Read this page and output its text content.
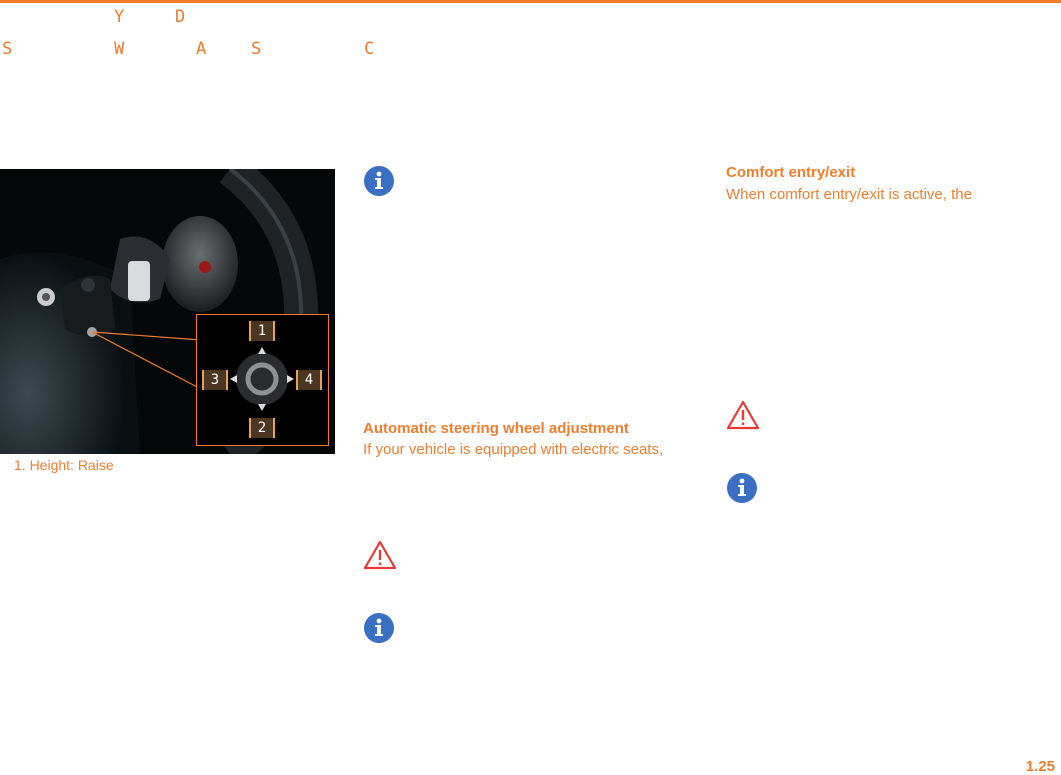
Y	D
S	W	A	S	C
1
2
3	4
1. Height: Raise
Automatic steering wheel adjustment
If your vehicle is equipped with electric seats,
Comfort entry/exit
When comfort entry/exit is active, the
1.25
